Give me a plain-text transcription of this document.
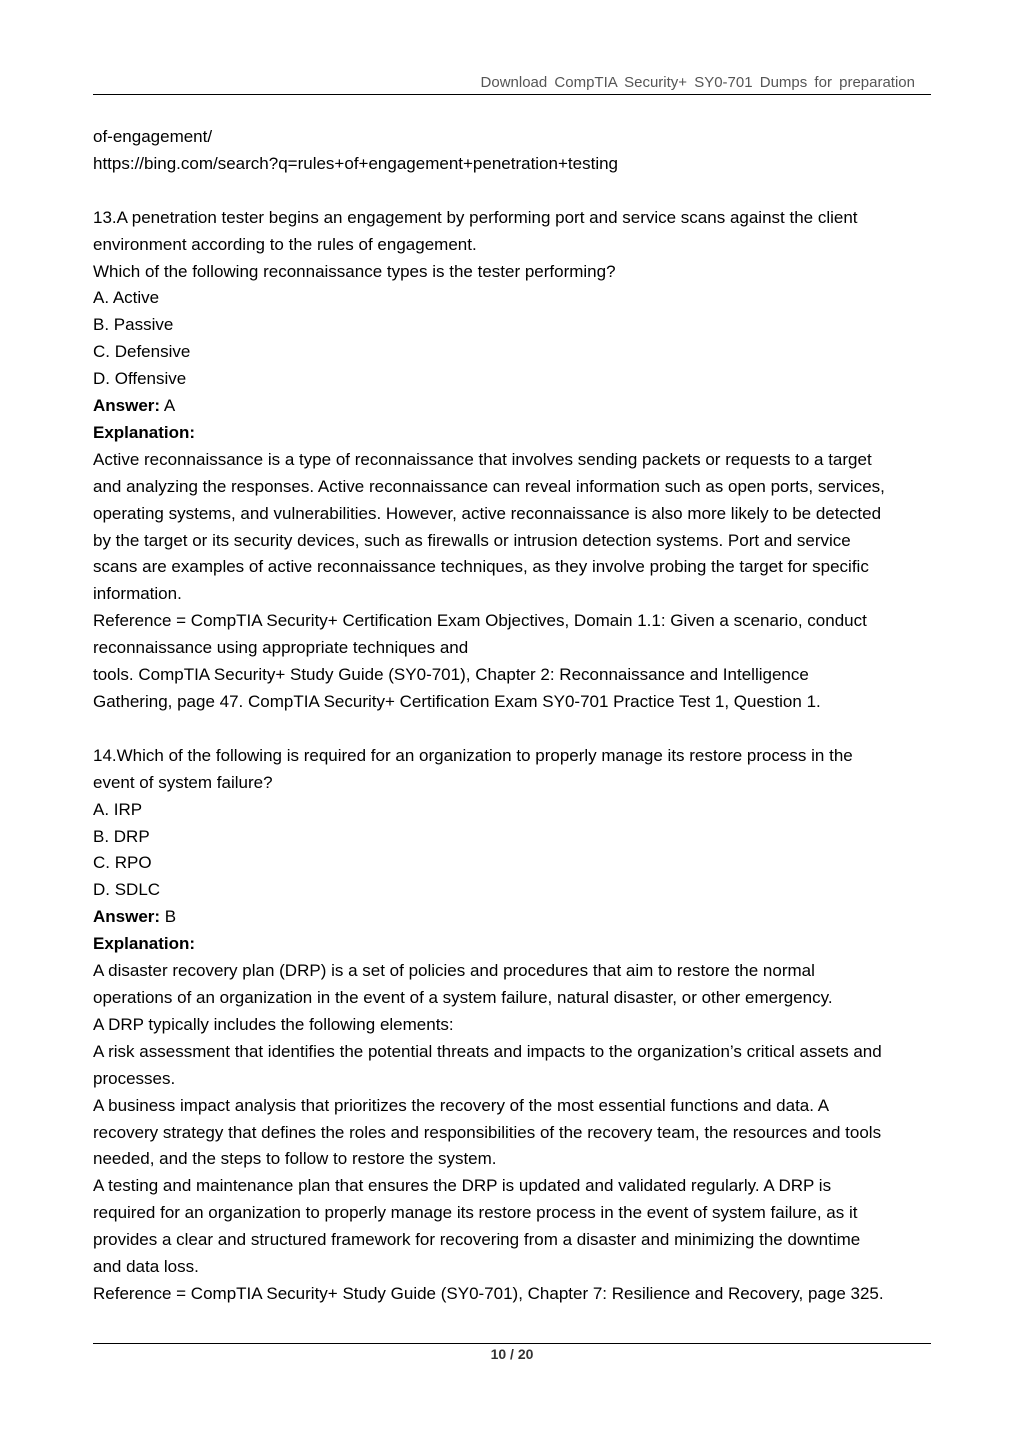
Download CompTIA Security+ SY0-701 Dumps for preparation

of-engagement/

https://bing.com/search?q=rules+of+engagement+penetration+testing

13.A penetration tester begins an engagement by performing port and service scans against the client

environment according to the rules of engagement.

Which of the following reconnaissance types is the tester performing?

A. Active

B. Passive

C. Defensive

D. Offensive

Answer: A

Explanation:

Active reconnaissance is a type of reconnaissance that involves sending packets or requests to a target

and analyzing the responses. Active reconnaissance can reveal information such as open ports, services,

operating systems, and vulnerabilities. However, active reconnaissance is also more likely to be detected

by the target or its security devices, such as firewalls or intrusion detection systems. Port and service

scans are examples of active reconnaissance techniques, as they involve probing the target for specific

information.

Reference = CompTIA Security+ Certification Exam Objectives, Domain 1.1: Given a scenario, conduct

reconnaissance using appropriate techniques and

tools. CompTIA Security+ Study Guide (SY0-701), Chapter 2: Reconnaissance and Intelligence

Gathering, page 47. CompTIA Security+ Certification Exam SY0-701 Practice Test 1, Question 1.

14.Which of the following is required for an organization to properly manage its restore process in the

event of system failure?

A. IRP

B. DRP

C. RPO

D. SDLC

Answer: B

Explanation:

A disaster recovery plan (DRP) is a set of policies and procedures that aim to restore the normal

operations of an organization in the event of a system failure, natural disaster, or other emergency.

A DRP typically includes the following elements:

A risk assessment that identifies the potential threats and impacts to the organization’s critical assets and

processes.

A business impact analysis that prioritizes the recovery of the most essential functions and data. A

recovery strategy that defines the roles and responsibilities of the recovery team, the resources and tools

needed, and the steps to follow to restore the system.

A testing and maintenance plan that ensures the DRP is updated and validated regularly. A DRP is

required for an organization to properly manage its restore process in the event of system failure, as it

provides a clear and structured framework for recovering from a disaster and minimizing the downtime

and data loss.

Reference = CompTIA Security+ Study Guide (SY0-701), Chapter 7: Resilience and Recovery, page 325.

10 / 20
